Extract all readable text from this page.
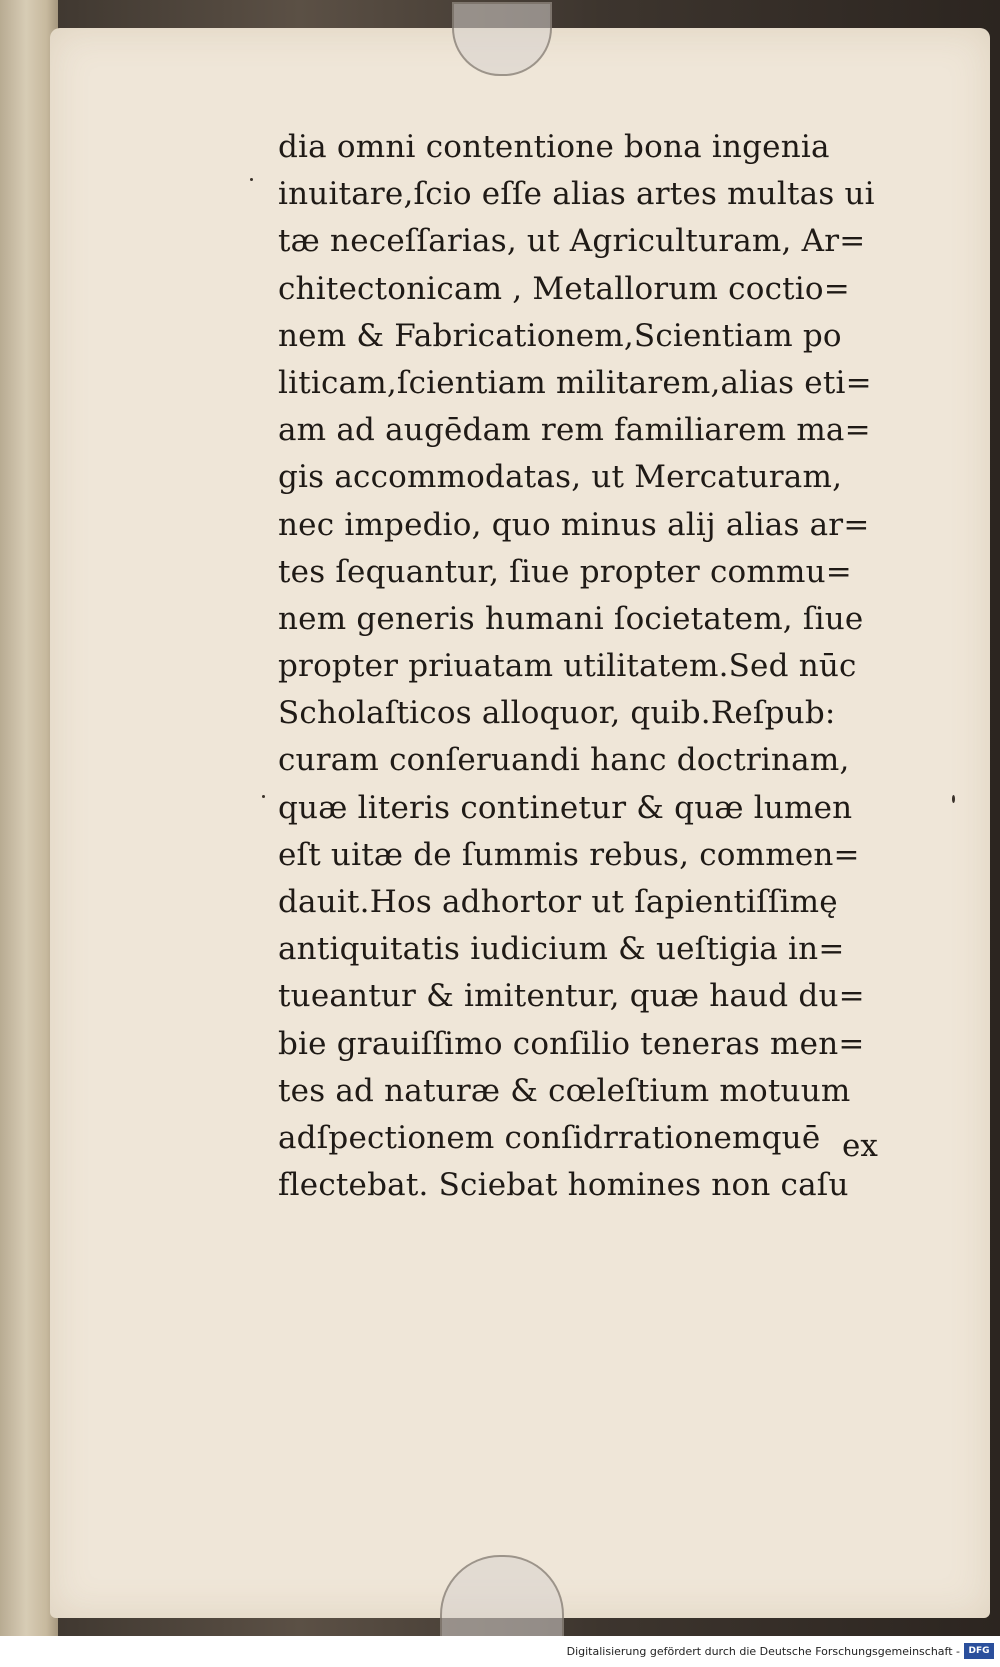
dia omni contentione bona ingenia
inuitare,ſcio eſſe alias artes multas ui
tæ neceſſarias, ut Agriculturam, Ar=
chitectonicam , Metallorum coctio=
nem & Fabricationem,Scientiam po
liticam,ſcientiam militarem,alias eti=
am ad augēdam rem familiarem ma=
gis accommodatas, ut Mercaturam,
nec impedio, quo minus alij alias ar=
tes ſequantur, ſiue propter commu=
nem generis humani ſocietatem, ſiue
propter priuatam utilitatem.Sed nūc
Scholaſticos alloquor, quib.Reſpub:
curam conſeruandi hanc doctrinam,
quæ literis continetur & quæ lumen
eſt uitæ de ſummis rebus, commen=
dauit.Hos adhortor ut ſapientiſſimę
antiquitatis iudicium & ueſtigia in=
tueantur & imitentur, quæ haud du=
bie grauiſſimo conſilio teneras men=
tes ad naturæ & cœleſtium motuum
adſpectionem conſidrrationemquē
flectebat. Sciebat homines non caſu
ex
Digitalisierung gefördert durch die Deutsche Forschungsgemeinschaft - DFG
